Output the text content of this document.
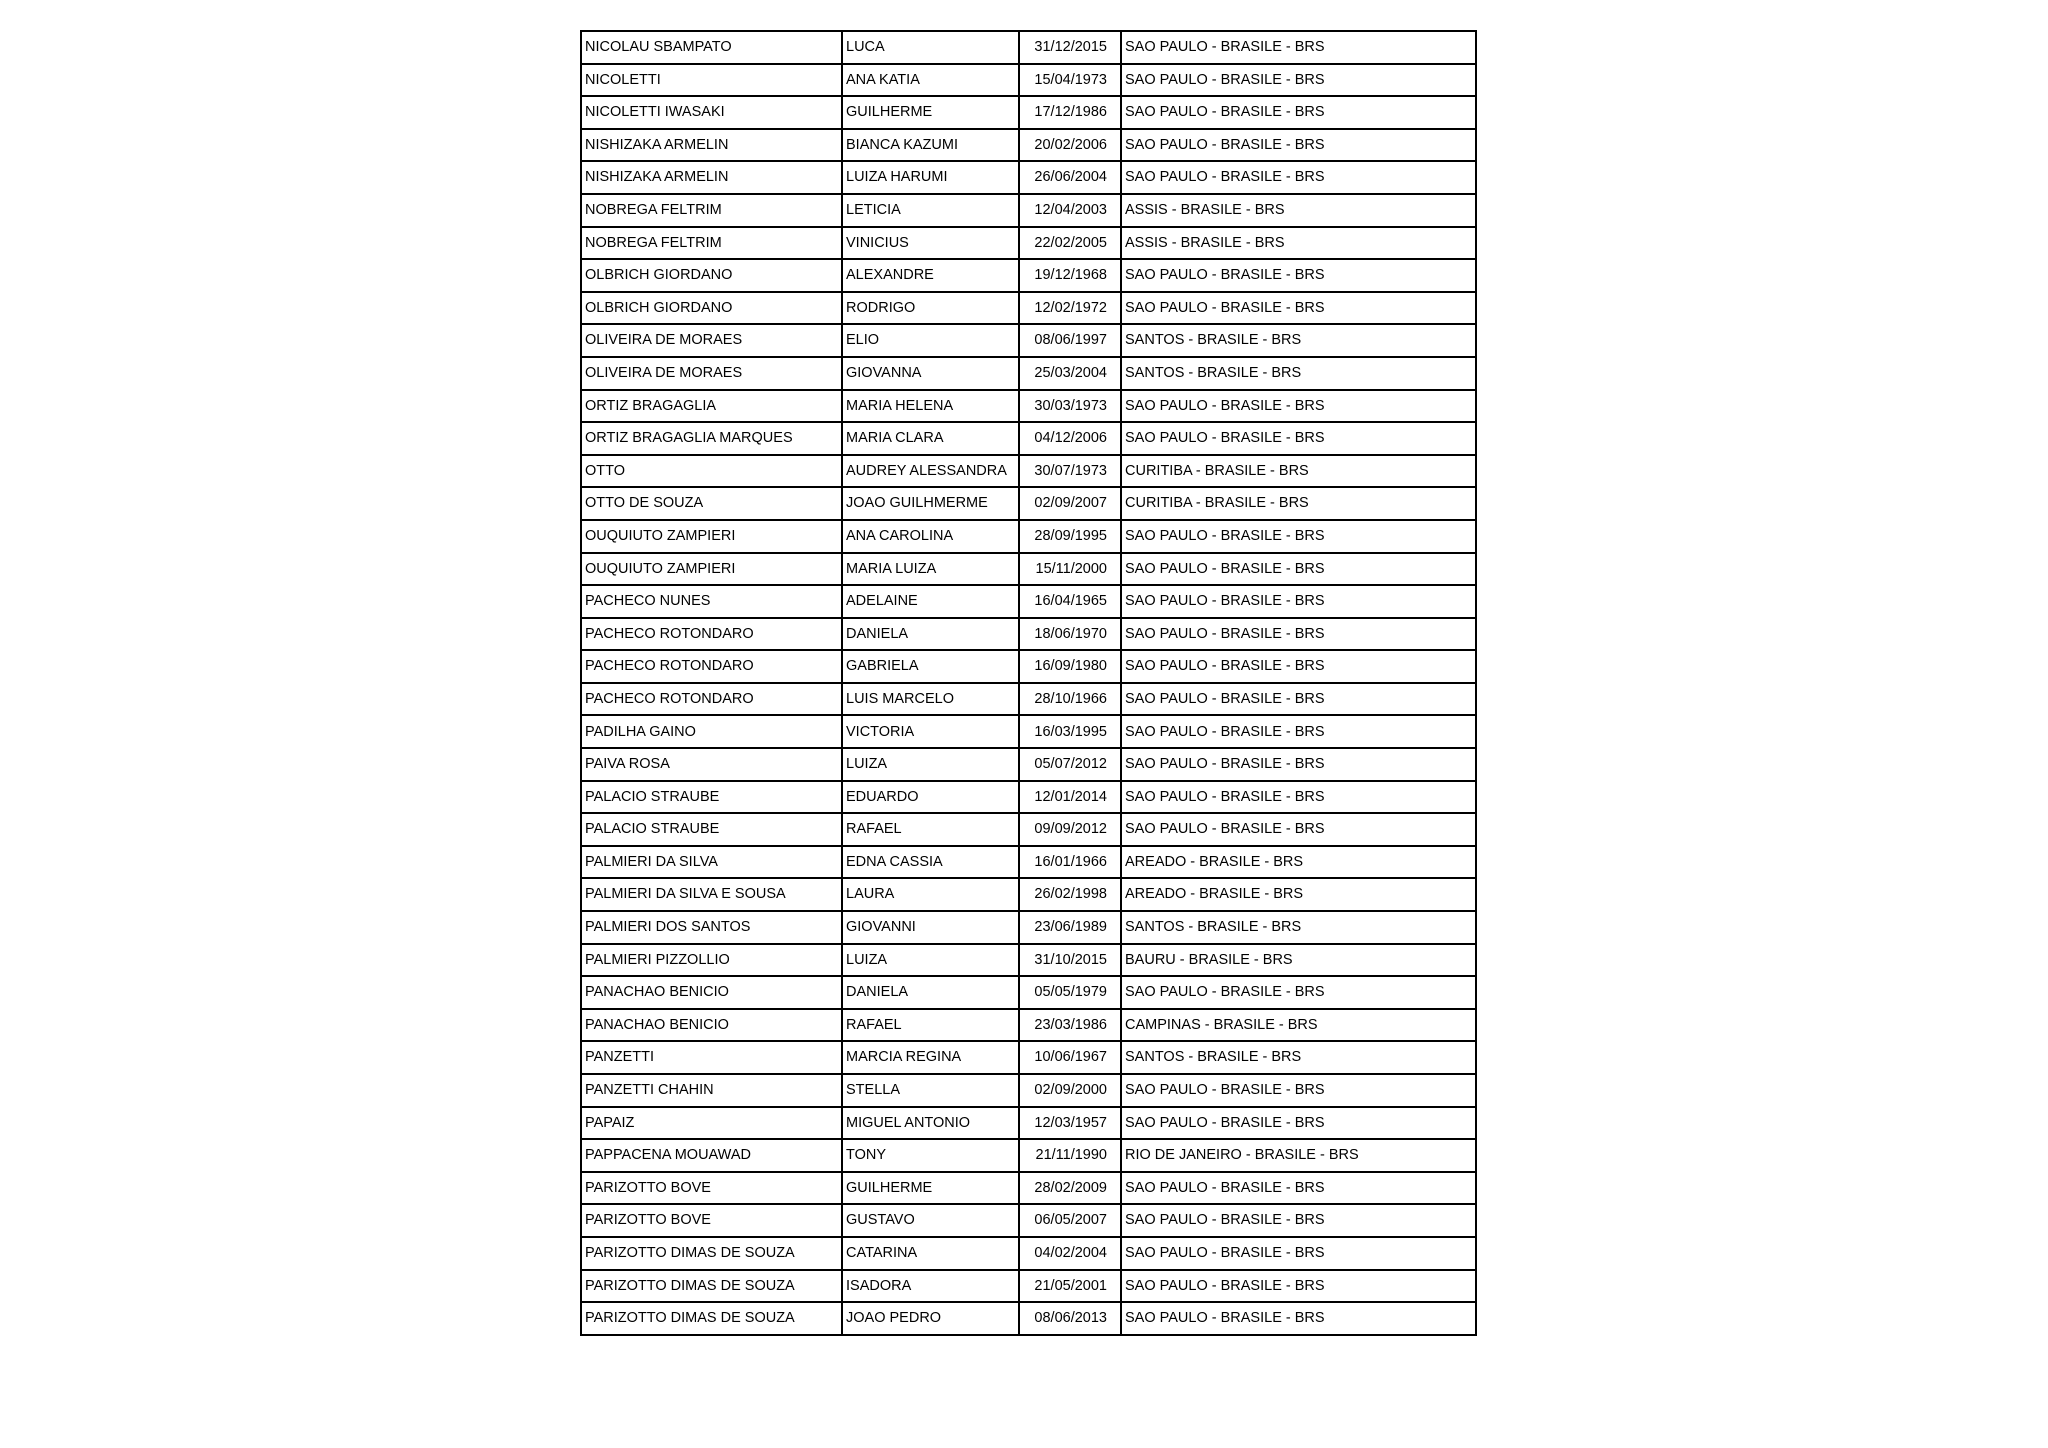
NICOLAU SBAMPATO	LUCA	31/12/2015	SAO PAULO - BRASILE - BRS
NICOLETTI	ANA KATIA	15/04/1973	SAO PAULO - BRASILE - BRS
NICOLETTI IWASAKI	GUILHERME	17/12/1986	SAO PAULO - BRASILE - BRS
NISHIZAKA ARMELIN	BIANCA KAZUMI	20/02/2006	SAO PAULO - BRASILE - BRS
NISHIZAKA ARMELIN	LUIZA HARUMI	26/06/2004	SAO PAULO - BRASILE - BRS
NOBREGA FELTRIM	LETICIA	12/04/2003	ASSIS - BRASILE - BRS
NOBREGA FELTRIM	VINICIUS	22/02/2005	ASSIS - BRASILE - BRS
OLBRICH GIORDANO	ALEXANDRE	19/12/1968	SAO PAULO - BRASILE - BRS
OLBRICH GIORDANO	RODRIGO	12/02/1972	SAO PAULO - BRASILE - BRS
OLIVEIRA DE MORAES	ELIO	08/06/1997	SANTOS - BRASILE - BRS
OLIVEIRA DE MORAES	GIOVANNA	25/03/2004	SANTOS - BRASILE - BRS
ORTIZ BRAGAGLIA	MARIA HELENA	30/03/1973	SAO PAULO - BRASILE - BRS
ORTIZ BRAGAGLIA MARQUES	MARIA CLARA	04/12/2006	SAO PAULO - BRASILE - BRS
OTTO	AUDREY ALESSANDRA	30/07/1973	CURITIBA - BRASILE - BRS
OTTO DE SOUZA	JOAO GUILHMERME	02/09/2007	CURITIBA - BRASILE - BRS
OUQUIUTO ZAMPIERI	ANA CAROLINA	28/09/1995	SAO PAULO - BRASILE - BRS
OUQUIUTO ZAMPIERI	MARIA LUIZA	15/11/2000	SAO PAULO - BRASILE - BRS
PACHECO NUNES	ADELAINE	16/04/1965	SAO PAULO - BRASILE - BRS
PACHECO ROTONDARO	DANIELA	18/06/1970	SAO PAULO - BRASILE - BRS
PACHECO ROTONDARO	GABRIELA	16/09/1980	SAO PAULO - BRASILE - BRS
PACHECO ROTONDARO	LUIS MARCELO	28/10/1966	SAO PAULO - BRASILE - BRS
PADILHA GAINO	VICTORIA	16/03/1995	SAO PAULO - BRASILE - BRS
PAIVA ROSA	LUIZA	05/07/2012	SAO PAULO - BRASILE - BRS
PALACIO STRAUBE	EDUARDO	12/01/2014	SAO PAULO - BRASILE - BRS
PALACIO STRAUBE	RAFAEL	09/09/2012	SAO PAULO - BRASILE - BRS
PALMIERI DA SILVA	EDNA CASSIA	16/01/1966	AREADO - BRASILE - BRS
PALMIERI DA SILVA E SOUSA	LAURA	26/02/1998	AREADO - BRASILE - BRS
PALMIERI DOS SANTOS	GIOVANNI	23/06/1989	SANTOS - BRASILE - BRS
PALMIERI PIZZOLLIO	LUIZA	31/10/2015	BAURU - BRASILE - BRS
PANACHAO BENICIO	DANIELA	05/05/1979	SAO PAULO - BRASILE - BRS
PANACHAO BENICIO	RAFAEL	23/03/1986	CAMPINAS - BRASILE - BRS
PANZETTI	MARCIA REGINA	10/06/1967	SANTOS - BRASILE - BRS
PANZETTI CHAHIN	STELLA	02/09/2000	SAO PAULO - BRASILE - BRS
PAPAIZ	MIGUEL ANTONIO	12/03/1957	SAO PAULO - BRASILE - BRS
PAPPACENA MOUAWAD	TONY	21/11/1990	RIO DE JANEIRO - BRASILE - BRS
PARIZOTTO BOVE	GUILHERME	28/02/2009	SAO PAULO - BRASILE - BRS
PARIZOTTO BOVE	GUSTAVO	06/05/2007	SAO PAULO - BRASILE - BRS
PARIZOTTO DIMAS DE SOUZA	CATARINA	04/02/2004	SAO PAULO - BRASILE - BRS
PARIZOTTO DIMAS DE SOUZA	ISADORA	21/05/2001	SAO PAULO - BRASILE - BRS
PARIZOTTO DIMAS DE SOUZA	JOAO PEDRO	08/06/2013	SAO PAULO - BRASILE - BRS
